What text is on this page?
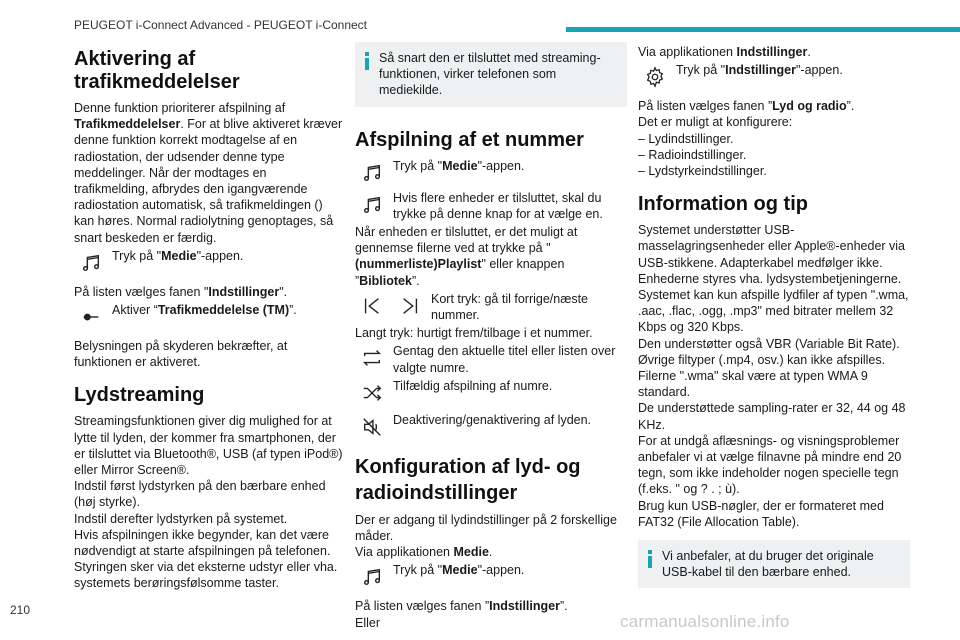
PEUGEOT i-Connect Advanced - PEUGEOT i-Connect
Aktivering af
trafikmeddelelser

Denne funktion prioriterer afspilning af Trafikmeddelelser. For at blive aktiveret kræver denne funktion korrekt modtagelse af en radiostation, der udsender denne type meddelinger. Når der modtages en trafikmelding, afbrydes den igangværende radiostation automatisk, så trafikmeldingen () kan høres. Normal radiolytning genoptages, så snart beskeden er færdig.

Tryk på "Medie"-appen.

På listen vælges fanen "Indstillinger".

Aktiver “Trafikmeddelelse (TM)”.

Belysningen på skyderen bekræfter, at funktionen er aktiveret.

Lydstreaming

Streamingsfunktionen giver dig mulighed for at lytte til lyden, der kommer fra smartphonen, der er tilsluttet via Bluetooth®, USB (af typen iPod®) eller Mirror Screen®.

Indstil først lydstyrken på den bærbare enhed (høj styrke).

Indstil derefter lydstyrken på systemet.

Hvis afspilningen ikke begynder, kan det være nødvendigt at starte afspilningen på telefonen.

Styringen sker via det eksterne udstyr eller vha. systemets berøringsfølsomme taster.

Så snart den er tilsluttet med streaming-funktionen, virker telefonen som mediekilde.

Afspilning af et nummer
Tryk på "Medie"-appen.
Hvis flere enheder er tilsluttet, skal du trykke på denne knap for at vælge en.

Når enheden er tilsluttet, er det muligt at gennemse filerne ved at trykke på "(nummerliste)Playlist" eller knappen ”Bibliotek”.

Kort tryk: gå til forrige/næste nummer.

Langt tryk: hurtigt frem/tilbage i et nummer.

Gentag den aktuelle titel eller listen over valgte numre.
Tilfældig afspilning af numre.
Deaktivering/genaktivering af lyden.
Konfiguration af lyd- og
radioindstillinger

Der er adgang til lydindstillinger på 2 forskellige måder.

Via applikationen Medie.

Tryk på "Medie"-appen.

På listen vælges fanen ”Indstillinger”.

Eller

Via applikationen Indstillinger.

Tryk på "Indstillinger"-appen.

På listen vælges fanen ”Lyd og radio”.

Det er muligt at konfigurere:

– Lydindstillinger.

– Radioindstillinger.

– Lydstyrkeindstillinger.

Information og tip

Systemet understøtter USB-masselagringsenheder eller Apple®-enheder via USB-stikkene. Adapterkabel medfølger ikke.

Enhederne styres vha. lydsystembetjeningerne.

Systemet kan kun afspille lydfiler af typen ".wma, .aac, .flac, .ogg, .mp3" med bitrater mellem 32 Kbps og 320 Kbps.

Den understøtter også VBR (Variable Bit Rate).

Øvrige filtyper (.mp4, osv.) kan ikke afspilles.

Filerne ".wma" skal være at typen WMA 9 standard.

De understøttede sampling-rater er 32, 44 og 48 KHz.

For at undgå aflæsnings- og visningsproblemer anbefaler vi at vælge filnavne på mindre end 20 tegn, som ikke indeholder nogen specielle tegn (f.eks. " og ? . ; ù).

Brug kun USB-nøgler, der er formateret med FAT32 (File Allocation Table).

Vi anbefaler, at du bruger det originale USB-kabel til den bærbare enhed.

210
carmanualsonline.info
